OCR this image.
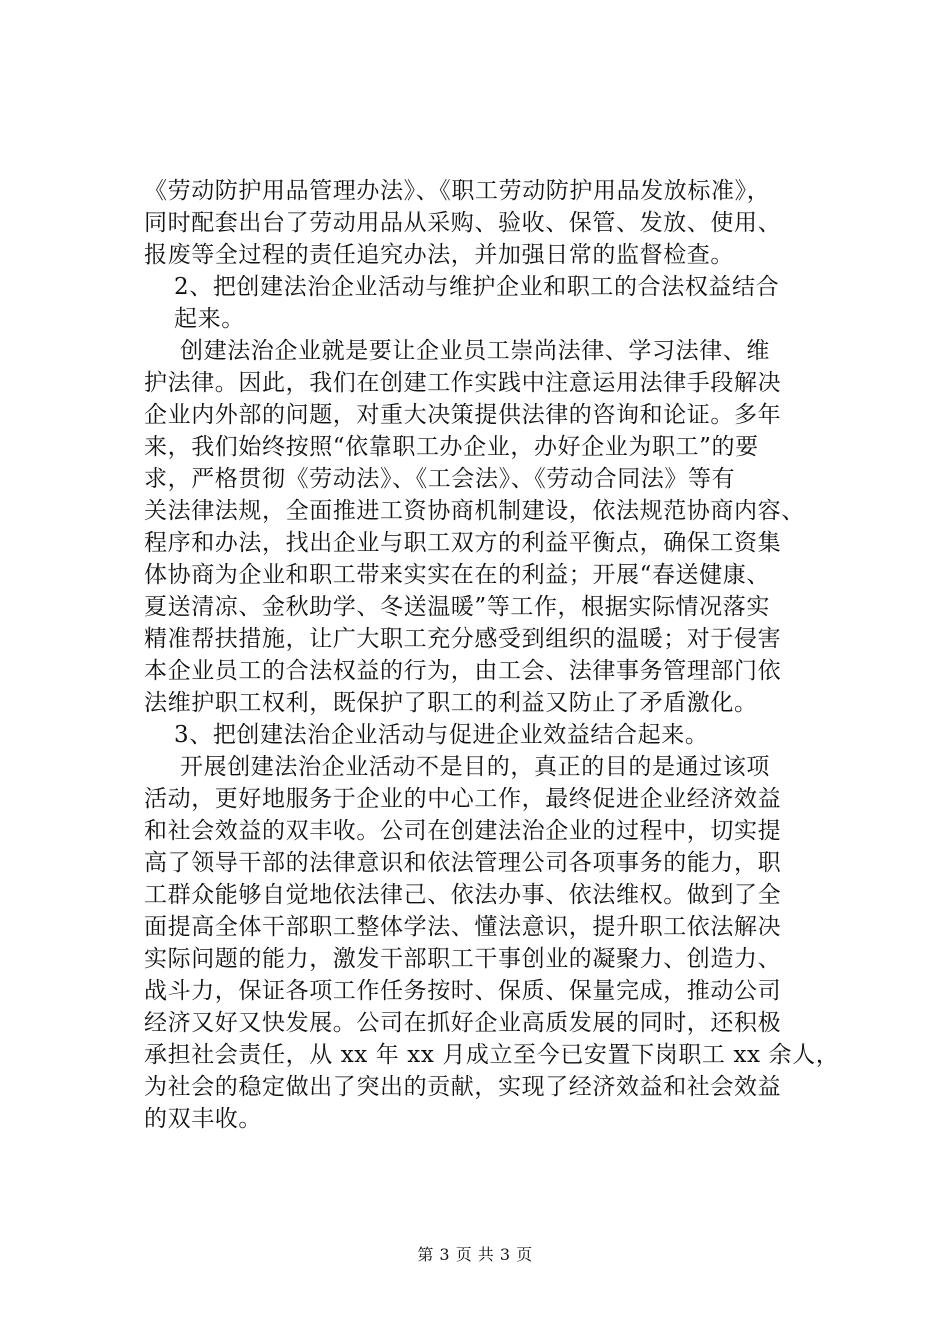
《劳动防护用品管理办法》、《职工劳动防护用品发放标准》，
同时配套出台了劳动用品从采购、验收、保管、发放、使用、
报废等全过程的责任追究办法，并加强日常的监督检查。
2、把创建法治企业活动与维护企业和职工的合法权益结合
起来。
创建法治企业就是要让企业员工崇尚法律、学习法律、维
护法律。因此，我们在创建工作实践中注意运用法律手段解决
企业内外部的问题，对重大决策提供法律的咨询和论证。多年
来，我们始终按照“依靠职工办企业，办好企业为职工”的要
求，严格贯彻《劳动法》、《工会法》、《劳动合同法》等有
关法律法规，全面推进工资协商机制建设，依法规范协商内容、
程序和办法，找出企业与职工双方的利益平衡点，确保工资集
体协商为企业和职工带来实实在在的利益；开展“春送健康、
夏送清凉、金秋助学、冬送温暖”等工作，根据实际情况落实
精准帮扶措施，让广大职工充分感受到组织的温暖；对于侵害
本企业员工的合法权益的行为，由工会、法律事务管理部门依
法维护职工权利，既保护了职工的利益又防止了矛盾激化。
3、把创建法治企业活动与促进企业效益结合起来。
开展创建法治企业活动不是目的，真正的目的是通过该项
活动，更好地服务于企业的中心工作，最终促进企业经济效益
和社会效益的双丰收。公司在创建法治企业的过程中，切实提
高了领导干部的法律意识和依法管理公司各项事务的能力，职
工群众能够自觉地依法律己、依法办事、依法维权。做到了全
面提高全体干部职工整体学法、懂法意识，提升职工依法解决
实际问题的能力，激发干部职工干事创业的凝聚力、创造力、
战斗力，保证各项工作任务按时、保质、保量完成，推动公司
经济又好又快发展。公司在抓好企业高质发展的同时，还积极
承担社会责任，从 xx 年 xx 月成立至今已安置下岗职工 xx 余人，
为社会的稳定做出了突出的贡献，实现了经济效益和社会效益
的双丰收。
第 3 页 共 3 页
